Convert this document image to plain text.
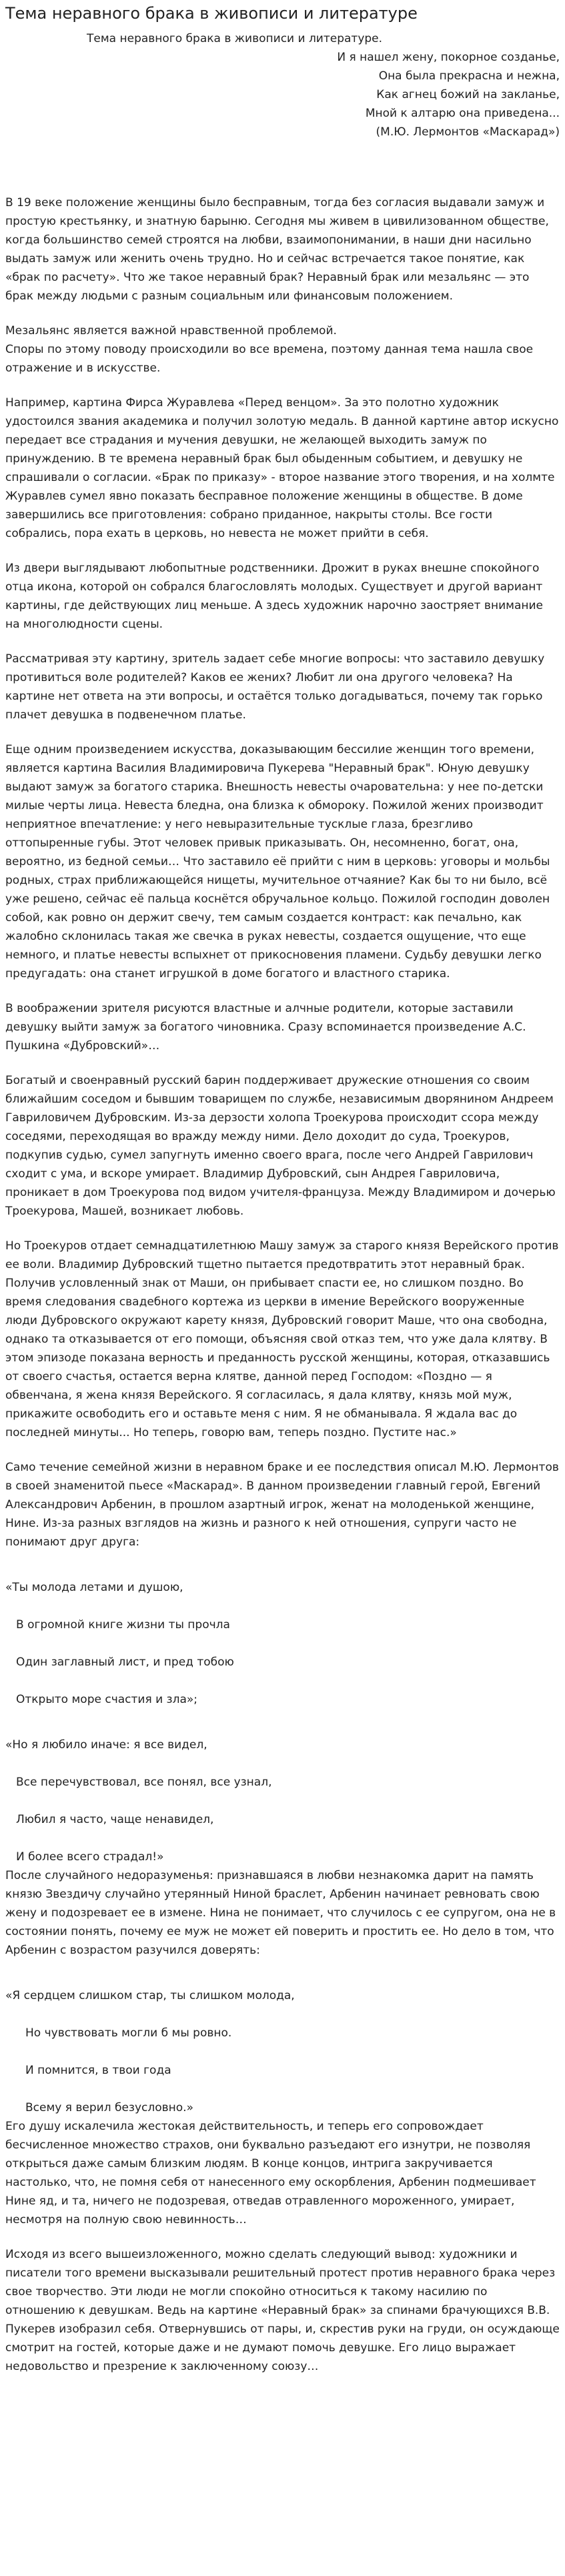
Тема неравного брака в живописи и литературе
Тема неравного брака в живописи и литературе.
И я нашел жену, покорное созданье,
Она была прекрасна и нежна,
Как агнец божий на закланье,
Мной к алтарю она приведена...
(М.Ю. Лермонтов «Маскарад»)

В 19 веке положение женщины было бесправным, тогда без согласия выдавали замуж и простую крестьянку, и знатную барыню. Сегодня мы живем в цивилизованном обществе, когда большинство семей строятся на любви, взаимопонимании, в наши дни насильно выдать замуж или женить очень трудно. Но и сейчас встречается такое понятие, как «брак по расчету». Что же такое неравный брак? Неравный брак или мезальянс — это брак между людьми с разным социальным или финансовым положением.

Мезальянс является важной нравственной проблемой.

Споры по этому поводу происходили во все времена, поэтому данная тема нашла свое отражение и в искусстве.

Например, картина Фирса Журавлева «Перед венцом». За это полотно художник удостоился звания академика и получил золотую медаль. В данной картине автор искусно передает все страдания и мучения девушки, не желающей выходить замуж по принуждению. В те времена неравный брак был обыденным событием, и девушку не спрашивали о согласии. «Брак по приказу» - второе название этого творения, и на холмте Журавлев сумел явно показать бесправное положение женщины в обществе. В доме завершились все приготовления: собрано приданное, накрыты столы. Все гости собрались, пора ехать в церковь, но невеста не может прийти в себя.

Из двери выглядывают любопытные родственники. Дрожит в руках внешне спокойного отца икона, которой он собрался благословлять молодых. Существует и другой вариант картины, где действующих лиц меньше. А здесь художник нарочно заостряет внимание на многолюдности сцены.

Рассматривая эту картину, зритель задает себе многие вопросы: что заставило девушку противиться воле родителей? Каков ее жених? Любит ли она другого человека? На картине нет ответа на эти вопросы, и остаётся только догадываться, почему так горько плачет девушка в подвенечном платье.

Еще одним произведением искусства, доказывающим бессилие женщин того времени, является картина Василия Владимировича Пукерева "Неравный брак". Юную девушку выдают замуж за богатого старика. Внешность невесты очаровательна: у нее по-детски милые черты лица. Невеста бледна, она близка к обмороку. Пожилой жених производит неприятное впечатление: у него невыразительные тусклые глаза, брезгливо оттопыренные губы. Этот человек привык приказывать. Он, несомненно, богат, она, вероятно, из бедной семьи… Что заставило её прийти с ним в церковь: уговоры и мольбы родных, страх приближающейся нищеты, мучительное отчаяние? Как бы то ни было, всё уже решено, сейчас её пальца коснётся обручальное кольцо. Пожилой господин доволен собой, как ровно он держит свечу, тем самым создается контраст: как печально, как жалобно склонилась такая же свечка в руках невесты, создается ощущение, что еще немного, и платье невесты вспыхнет от прикосновения пламени. Судьбу девушки легко предугадать: она станет игрушкой в доме богатого и властного старика.

В воображении зрителя рисуются властные и алчные родители, которые заставили девушку выйти замуж за богатого чиновника. Сразу вспоминается произведение А.С. Пушкина «Дубровский»…

Богатый и своенравный русский барин поддерживает дружеские отношения со своим ближайшим соседом и бывшим товарищем по службе, независимым дворянином Андреем Гавриловичем Дубровским. Из-за дерзости холопа Троекурова происходит ссора между соседями, переходящая во вражду между ними. Дело доходит до суда, Троекуров, подкупив судью, сумел запугнуть именно своего врага, после чего Андрей Гаврилович сходит с ума, и вскоре умирает. Владимир Дубровский, сын Андрея Гавриловича, проникает в дом Троекурова под видом учителя-француза. Между Владимиром и дочерью Троекурова, Машей, возникает любовь.

Но Троекуров отдает семнадцатилетнюю Машу замуж за старого князя Верейского против ее воли. Владимир Дубровский тщетно пытается предотвратить этот неравный брак. Получив условленный знак от Маши, он прибывает спасти ее, но слишком поздно. Во время следования свадебного кортежа из церкви в имение Верейского вооруженные люди Дубровского окружают карету князя, Дубровский говорит Маше, что она свободна, однако та отказывается от его помощи, объясняя свой отказ тем, что уже дала клятву. В этом эпизоде показана верность и преданность русской женщины, которая, отказавшись от своего счастья, остается верна клятве, данной перед Господом: «Поздно — я обвенчана, я жена князя Верейского. Я согласилась, я дала клятву, князь мой муж, прикажите освободить его и оставьте меня с ним. Я не обманывала. Я ждала вас до последней минуты... Но теперь, говорю вам, теперь поздно. Пустите нас.»

Само течение семейной жизни в неравном браке и ее последствия описал М.Ю. Лермонтов в своей знаменитой пьесе «Маскарад». В данном произведении главный герой, Евгений Александрович Арбенин, в прошлом азартный игрок, женат на молоденькой женщине, Нине. Из-за разных взглядов на жизнь и разного к ней отношения, супруги часто не понимают друг друга:

«Ты молода летами и душою,

В огромной книге жизни ты прочла

Один заглавный лист, и пред тобою

Открыто море счастия и зла»;

«Но я любило иначе: я все видел,

Все перечувствовал, все понял, все узнал,

Любил я часто, чаще ненавидел,

И более всего страдал!»

После случайного недоразуменья: признавшаяся в любви незнакомка дарит на память князю Звездичу случайно утерянный Ниной браслет, Арбенин начинает ревновать свою жену и подозревает ее в измене. Нина не понимает, что случилось с ее супругом, она не в состоянии понять, почему ее муж не может ей поверить и простить ее. Но дело в том, что Арбенин с возрастом разучился доверять:

«Я сердцем слишком стар, ты слишком молода,

Но чувствовать могли б мы ровно.

И помнится, в твои года

Всему я верил безусловно.»

Его душу искалечила жестокая действительность, и теперь его сопровождает бесчисленное множество страхов, они буквально разъедают его изнутри, не позволяя открыться даже самым близким людям. В конце концов, интрига закручивается настолько, что, не помня себя от нанесенного ему оскорбления, Арбенин подмешивает Нине яд, и та, ничего не подозревая, отведав отравленного мороженного, умирает, несмотря на полную свою невинность…

Исходя из всего вышеизложенного, можно сделать следующий вывод: художники и писатели того времени высказывали решительный протест против неравного брака через свое творчество. Эти люди не могли спокойно относиться к такому насилию по отношению к девушкам. Ведь на картине «Неравный брак» за спинами брачующихся В.В. Пукерев изобразил себя. Отвернувшись от пары, и, скрестив руки на груди, он осуждающе смотрит на гостей, которые даже и не думают помочь девушке. Его лицо выражает недовольство и презрение к заключенному союзу…
